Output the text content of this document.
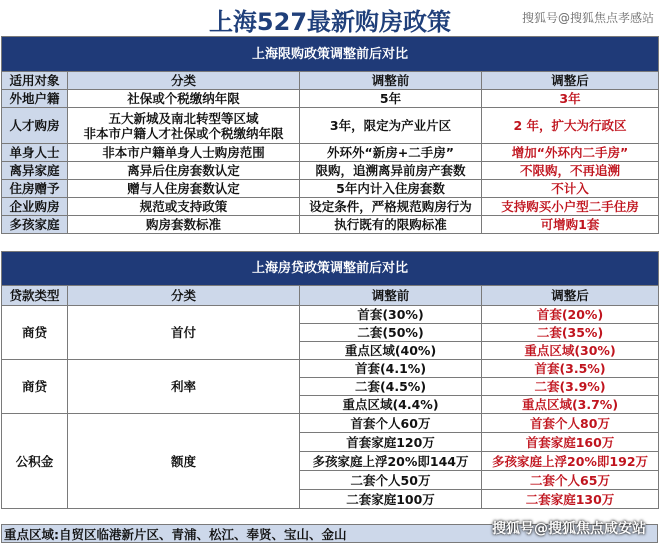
上海527最新购房政策	搜狐号@搜狐焦点孝感站
上海限购政策调整前后对比			
适用对象	分类	调整前	调整后
外地户籍	社保或个税缴纳年限	5年	3年
人才购房	五大新城及南北转型等区域
非本市户籍人才社保或个税缴纳年限	3年，限定为产业片区	2 年，扩大为行政区
单身人士	非本市户籍单身人士购房范围	外环外“新房+二手房”	增加“外环内二手房”
离异家庭	离异后住房套数认定	限购，追溯离异前房产套数	不限购，不再追溯
住房赠予	赠与人住房套数认定	5年内计入住房套数	不计入
企业购房	规范或支持政策	设定条件，严格规范购房行为	支持购买小户型二手住房
多孩家庭	购房套数标准	执行既有的限购标准	可增购1套
上海房贷政策调整前后对比			
贷款类型	分类	调整前	调整后
商贷	首付	首套(30%)	首套(20%)
		二套(50%)	二套(35%)
		重点区域(40%)	重点区域(30%)
商贷	利率	首套(4.1%)	首套(3.5%)
		二套(4.5%)	二套(3.9%)
		重点区域(4.4%)	重点区域(3.7%)
公积金	额度	首套个人60万	首套个人80万
		首套家庭120万	首套家庭160万
		多孩家庭上浮20%即144万	多孩家庭上浮20%即192万
		二套个人50万	二套个人65万
		二套家庭100万	二套家庭130万
重点区域:自贸区临港新片区、青浦、松江、奉贤、宝山、金山	搜狐号@搜狐焦点咸安站
